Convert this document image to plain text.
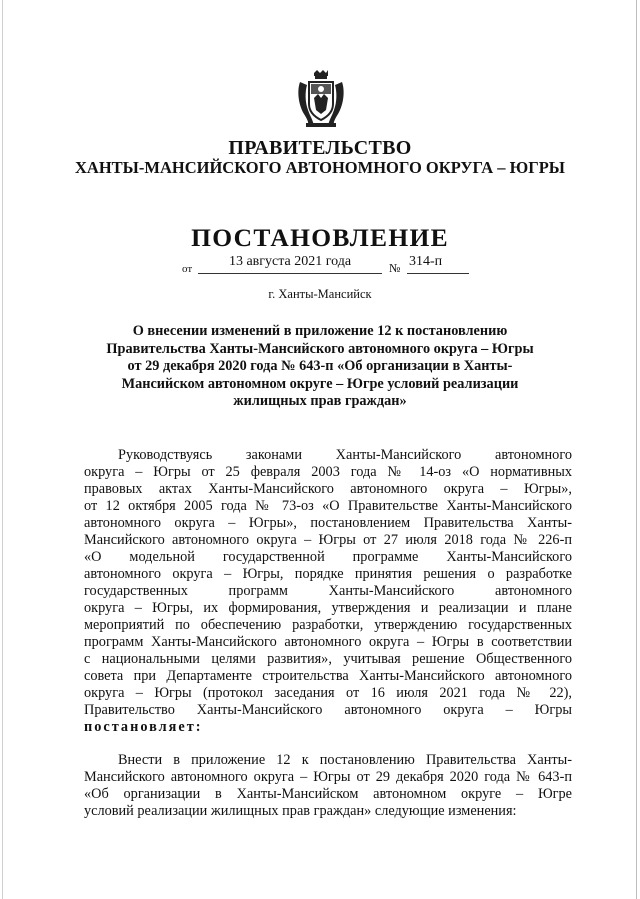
ПРАВИТЕЛЬСТВО
ХАНТЫ-МАНСИЙСКОГО АВТОНОМНОГО ОКРУГА – ЮГРЫ
ПОСТАНОВЛЕНИЕ
от	13 августа 2021 года	№ 314-п
г. Ханты-Мансийск
О внесении изменений в приложение 12 к постановлению
Правительства Ханты-Мансийского автономного округа – Югры
от 29 декабря 2020 года № 643-п «Об организации в Ханты-
Мансийском автономном округе – Югре условий реализации
жилищных прав граждан»
Руководствуясь законами Ханты-Мансийского автономного
округа – Югры от 25 февраля 2003 года № 14-оз «О нормативных
правовых актах Ханты-Мансийского автономного округа – Югры»,
от 12 октября 2005 года № 73-оз «О Правительстве Ханты-Мансийского
автономного округа – Югры», постановлением Правительства Ханты-
Мансийского автономного округа – Югры от 27 июля 2018 года № 226-п
«О модельной государственной программе Ханты-Мансийского
автономного округа – Югры, порядке принятия решения о разработке
государственных программ Ханты-Мансийского автономного
округа – Югры, их формирования, утверждения и реализации и плане
мероприятий по обеспечению разработки, утверждению государственных
программ Ханты-Мансийского автономного округа – Югры в соответствии
с национальными целями развития», учитывая решение Общественного
совета при Департаменте строительства Ханты-Мансийского автономного
округа – Югры (протокол заседания от 16 июля 2021 года № 22),
Правительство Ханты-Мансийского автономного округа – Югры
постановляет:
Внести в приложение 12 к постановлению Правительства Ханты-
Мансийского автономного округа – Югры от 29 декабря 2020 года № 643-п
«Об организации в Ханты-Мансийском автономном округе – Югре
условий реализации жилищных прав граждан» следующие изменения:
